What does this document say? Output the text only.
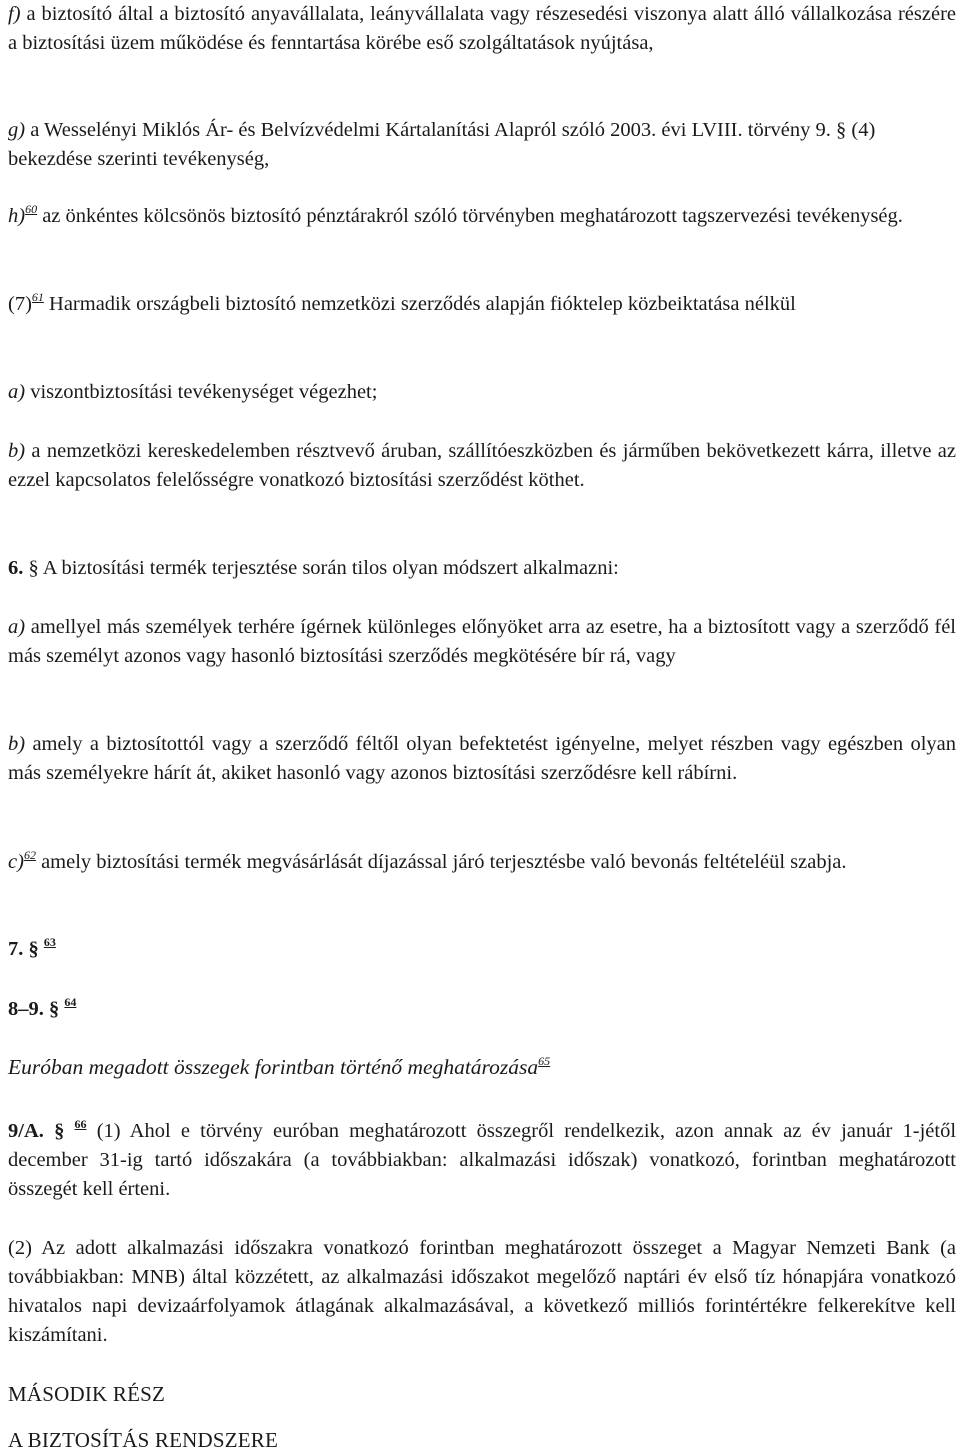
f) a biztosító által a biztosító anyavállalata, leányvállalata vagy részesedési viszonya alatt álló vállalkozása részére a biztosítási üzem működése és fenntartása körébe eső szolgáltatások nyújtása,

g) a Wesselényi Miklós Ár- és Belvízvédelmi Kártalanítási Alapról szóló 2003. évi LVIII. törvény 9. § (4) bekezdése szerinti tevékenység,

h)$^{60}$ az önkéntes kölcsönös biztosító pénztárakról szóló törvényben meghatározott tagszervezési tevékenység.

$(7)^{61}$ Harmadik országbeli biztosító nemzetközi szerződés alapján fióktelep közbeiktatása nélkül

a) viszontbiztosítási tevékenységet végezhet;

b) a nemzetközi kereskedelemben résztvevő áruban, szállítóeszközben és járműben bekövetkezett kárra, illetve az ezzel kapcsolatos felelősségre vonatkozó biztosítási szerződést köthet.

6. § A biztosítási termék terjesztése során tilos olyan módszert alkalmazni:

a) amellyel más személyek terhére ígérnek különleges előnyöket arra az esetre, ha a biztosított vagy a szerződő fél más személyt azonos vagy hasonló biztosítási szerződés megkötésére bír rá, vagy

b) amely a biztosítottól vagy a szerződő féltől olyan befektetést igényelne, melyet részben vagy egészben olyan más személyekre hárít át, akiket hasonló vagy azonos biztosítási szerződésre kell rábírni.

c)$^{62}$ amely biztosítási termék megvásárlását díjazással járó terjesztésbe való bevonás feltételéül szabja.

7. § $^{63}$

8–9. § $^{64}$

Euróban megadott összegek forintban történő meghatározása$^{65}$

9/A. § $^{66}$ (1) Ahol e törvény euróban meghatározott összegről rendelkezik, azon annak az év január 1-jétől december 31-ig tartó időszakára (a továbbiakban: alkalmazási időszak) vonatkozó, forintban meghatározott összegét kell érteni.

(2) Az adott alkalmazási időszakra vonatkozó forintban meghatározott összeget a Magyar Nemzeti Bank (a továbbiakban: MNB) által közzétett, az alkalmazási időszakot megelőző naptári év első tíz hónapjára vonatkozó hivatalos napi devizaárfolyamok átlagának alkalmazásával, a következő milliós forintértékre felkerekítve kell kiszámítani.

MÁSODIK RÉSZ

A BIZTOSÍTÁS RENDSZERE
